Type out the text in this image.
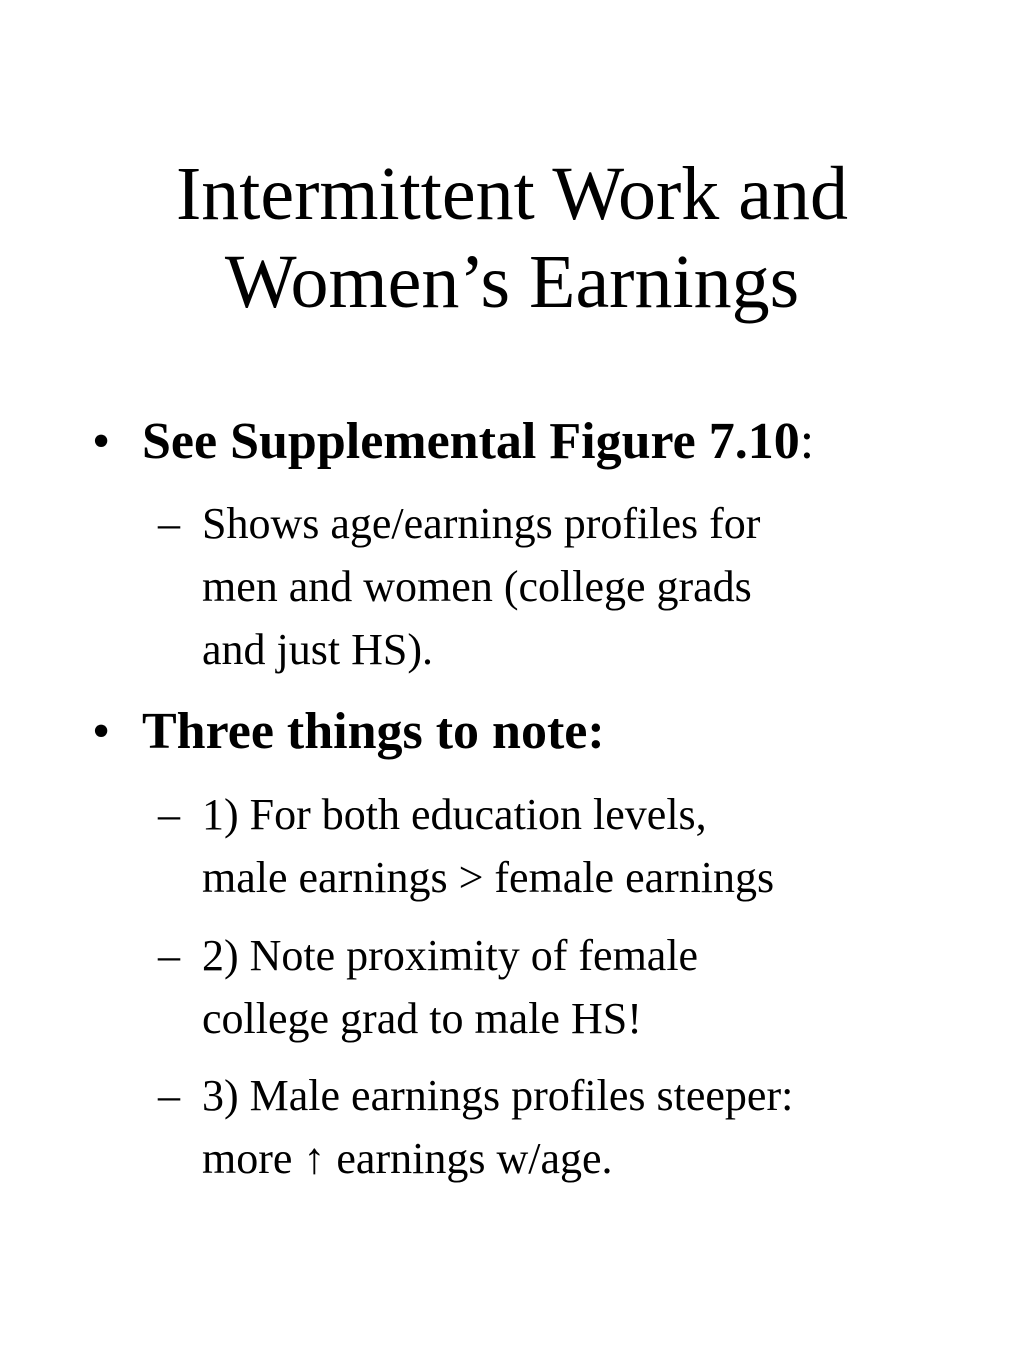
Intermittent Work and
Women’s Earnings
• See Supplemental Figure 7.10:
– Shows age/earnings profiles for
men and women (college grads
and just HS).
• Three things to note:
– 1) For both education levels,
male earnings > female earnings
– 2) Note proximity of female
college grad to male HS!
– 3) Male earnings profiles steeper:
more ↑ earnings w/age.
